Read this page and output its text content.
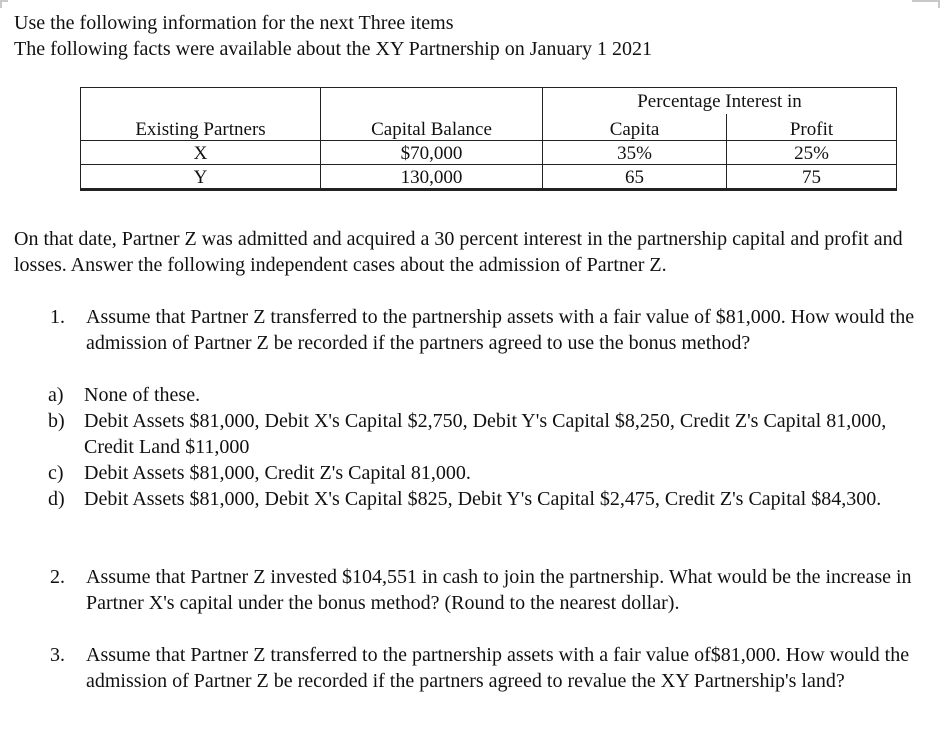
Use the following information for the next Three items
The following facts were available about the XY Partnership on January 1 2021
		Percentage Interest in	
Existing Partners	Capital Balance	Capita	Profit
X	$70,000	35%	25%
Y	130,000	65	75
On that date, Partner Z was admitted and acquired a 30 percent interest in the partnership capital and profit and losses. Answer the following independent cases about the admission of Partner Z.
1. Assume that Partner Z transferred to the partnership assets with a fair value of $81,000. How would the admission of Partner Z be recorded if the partners agreed to use the bonus method?
a) None of these.
b) Debit Assets $81,000, Debit X's Capital $2,750, Debit Y's Capital $8,250, Credit Z's Capital 81,000, Credit Land $11,000
c) Debit Assets $81,000, Credit Z's Capital 81,000.
d) Debit Assets $81,000, Debit X's Capital $825, Debit Y's Capital $2,475, Credit Z's Capital $84,300.
2. Assume that Partner Z invested $104,551 in cash to join the partnership. What would be the increase in Partner X's capital under the bonus method? (Round to the nearest dollar).
3. Assume that Partner Z transferred to the partnership assets with a fair value of$81,000. How would the admission of Partner Z be recorded if the partners agreed to revalue the XY Partnership's land?
